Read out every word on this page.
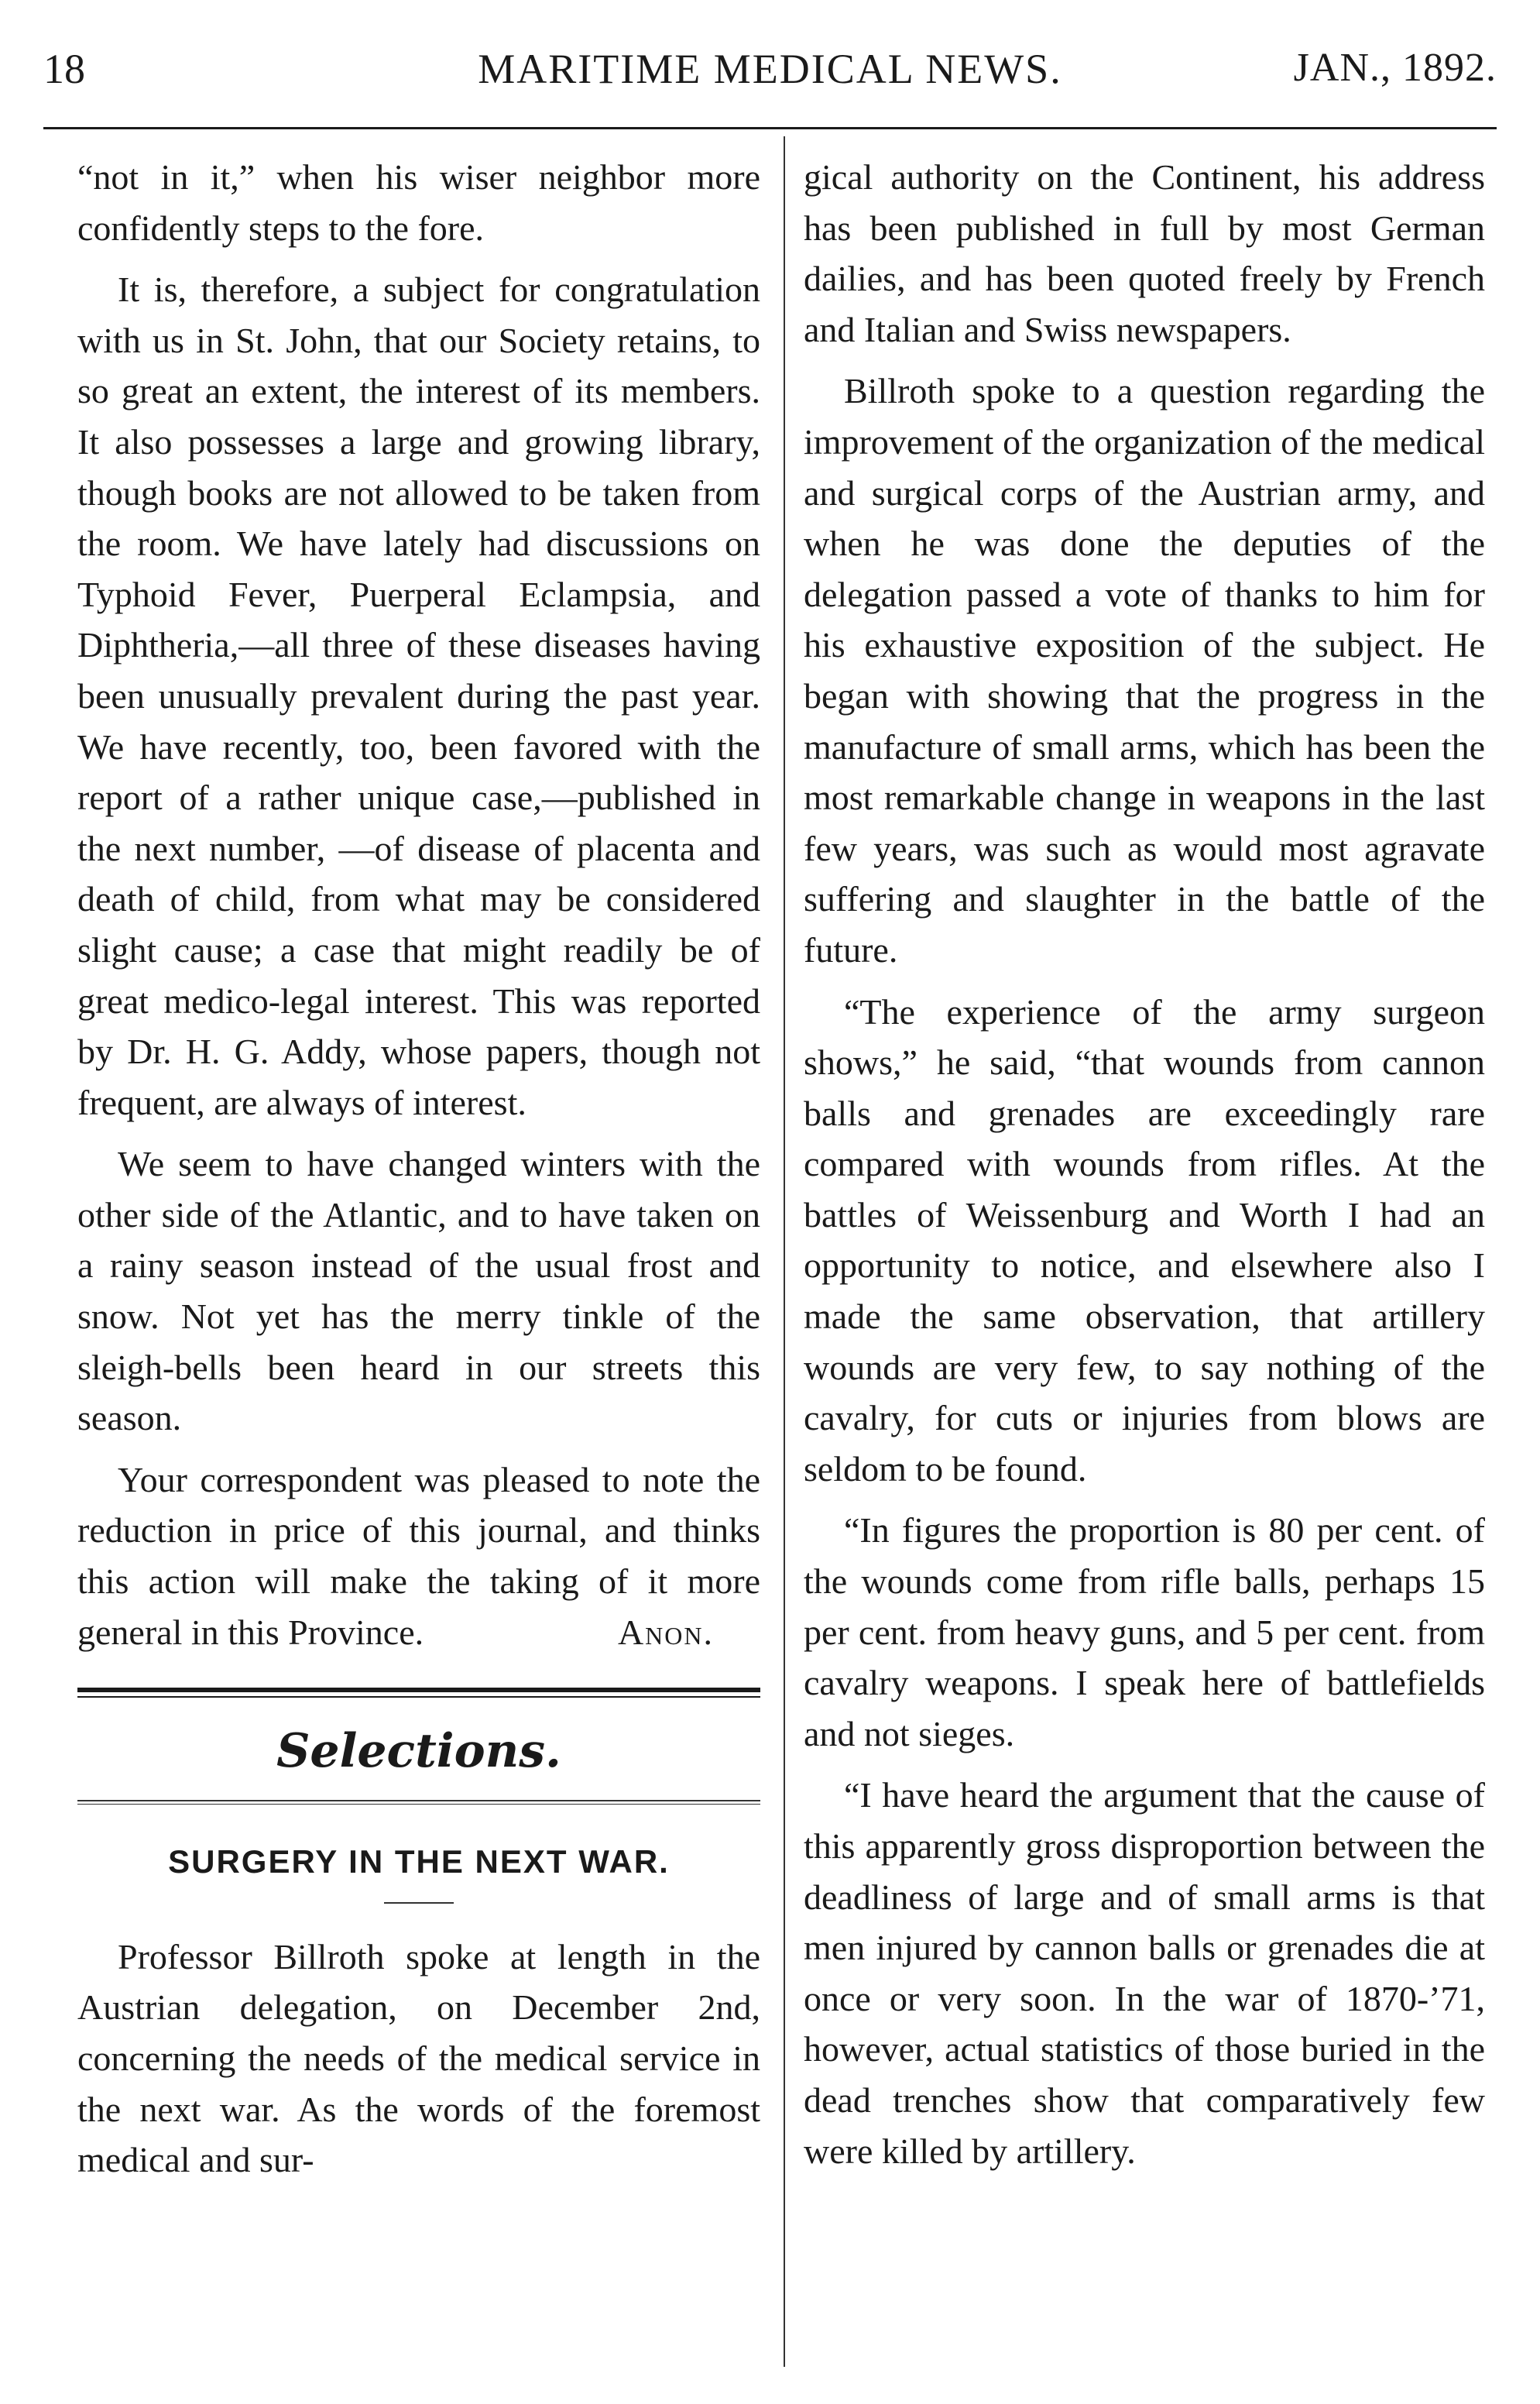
18	MARITIME MEDICAL NEWS.	JAN., 1892.

“not in it,” when his wiser neighbor more confidently steps to the fore.

It is, therefore, a subject for congratulation with us in St. John, that our Society retains, to so great an extent, the interest of its members. It also possesses a large and growing library, though books are not allowed to be taken from the room. We have lately had discussions on Typhoid Fever, Puerperal Eclampsia, and Diphtheria,—all three of these diseases having been unusually prevalent during the past year. We have recently, too, been favored with the report of a rather unique case,—published in the next number, —of disease of placenta and death of child, from what may be considered slight cause; a case that might readily be of great medico-legal interest. This was reported by Dr. H. G. Addy, whose papers, though not frequent, are always of interest.

We seem to have changed winters with the other side of the Atlantic, and to have taken on a rainy season instead of the usual frost and snow. Not yet has the merry tinkle of the sleigh-bells been heard in our streets this season.

Your correspondent was pleased to note the reduction in price of this journal, and thinks this action will make the taking of it more general in this Province.	Anon.
Selections.
SURGERY IN THE NEXT WAR.

Professor Billroth spoke at length in the Austrian delegation, on December 2nd, concerning the needs of the medical service in the next war. As the words of the foremost medical and sur-

gical authority on the Continent, his address has been published in full by most German dailies, and has been quoted freely by French and Italian and Swiss newspapers.

Billroth spoke to a question regarding the improvement of the organization of the medical and surgical corps of the Austrian army, and when he was done the deputies of the delegation passed a vote of thanks to him for his exhaustive exposition of the subject. He began with showing that the progress in the manufacture of small arms, which has been the most remarkable change in weapons in the last few years, was such as would most agravate suffering and slaughter in the battle of the future.

“The experience of the army surgeon shows,” he said, “that wounds from cannon balls and grenades are exceedingly rare compared with wounds from rifles. At the battles of Weissenburg and Worth I had an opportunity to notice, and elsewhere also I made the same observation, that artillery wounds are very few, to say nothing of the cavalry, for cuts or injuries from blows are seldom to be found.

“In figures the proportion is 80 per cent. of the wounds come from rifle balls, perhaps 15 per cent. from heavy guns, and 5 per cent. from cavalry weapons. I speak here of battlefields and not sieges.

“I have heard the argument that the cause of this apparently gross disproportion between the deadliness of large and of small arms is that men injured by cannon balls or grenades die at once or very soon. In the war of 1870-’71, however, actual statistics of those buried in the dead trenches show that comparatively few were killed by artillery.
